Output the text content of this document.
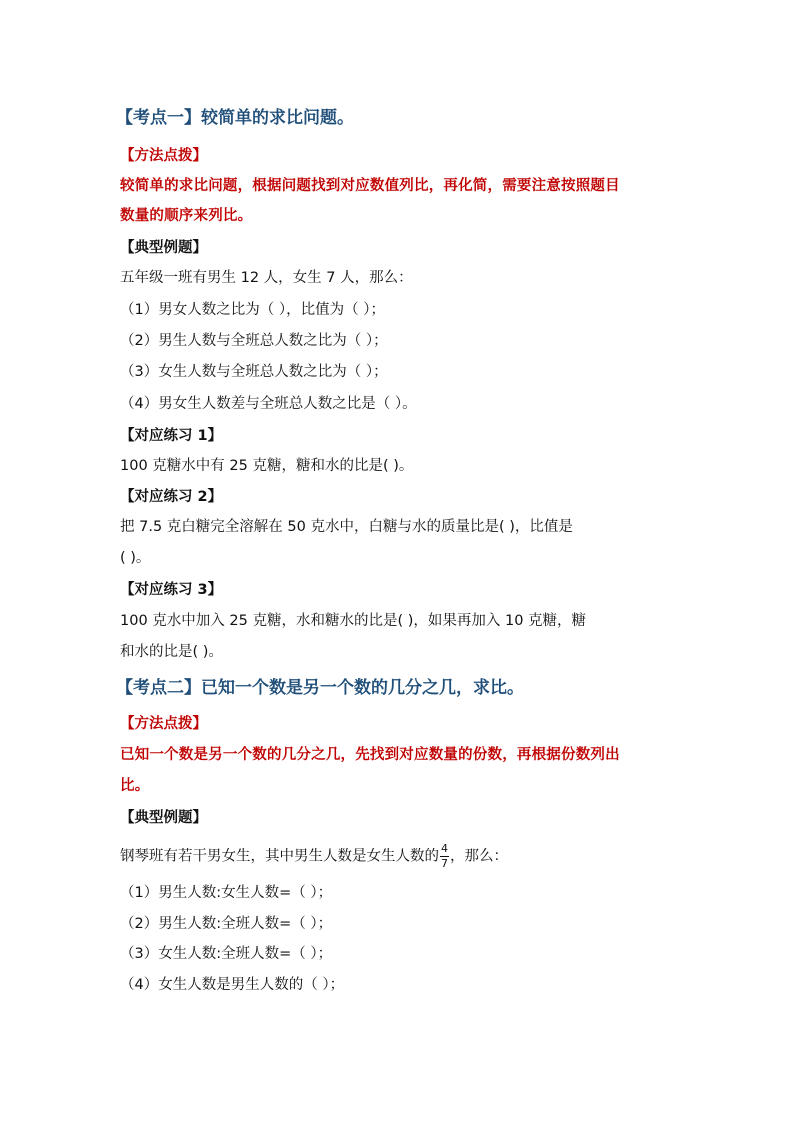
【考点一】较简单的求比问题。
【方法点拨】
较简单的求比问题，根据问题找到对应数值列比，再化简，需要注意按照题目
数量的顺序来列比。
【典型例题】
五年级一班有男生 12 人，女生 7 人，那么：
（1）男女人数之比为（ ），比值为（ ）；
（2）男生人数与全班总人数之比为（ ）；
（3）女生人数与全班总人数之比为（ ）；
（4）男女生人数差与全班总人数之比是（ ）。
【对应练习 1】
100 克糖水中有 25 克糖，糖和水的比是( )。
【对应练习 2】
把 7.5 克白糖完全溶解在 50 克水中，白糖与水的质量比是( )，比值是
( )。
【对应练习 3】
100 克水中加入 25 克糖，水和糖水的比是( )，如果再加入 10 克糖，糖
和水的比是( )。
【考点二】已知一个数是另一个数的几分之几，求比。
【方法点拨】
已知一个数是另一个数的几分之几，先找到对应数量的份数，再根据份数列出
比。
【典型例题】
钢琴班有若干男女生，其中男生人数是女生人数的 $\frac{4}{7}$ ，那么：
（1）男生人数:女生人数=（ ）；
（2）男生人数:全班人数=（ ）；
（3）女生人数:全班人数=（ ）；
（4）女生人数是男生人数的（ ）；
